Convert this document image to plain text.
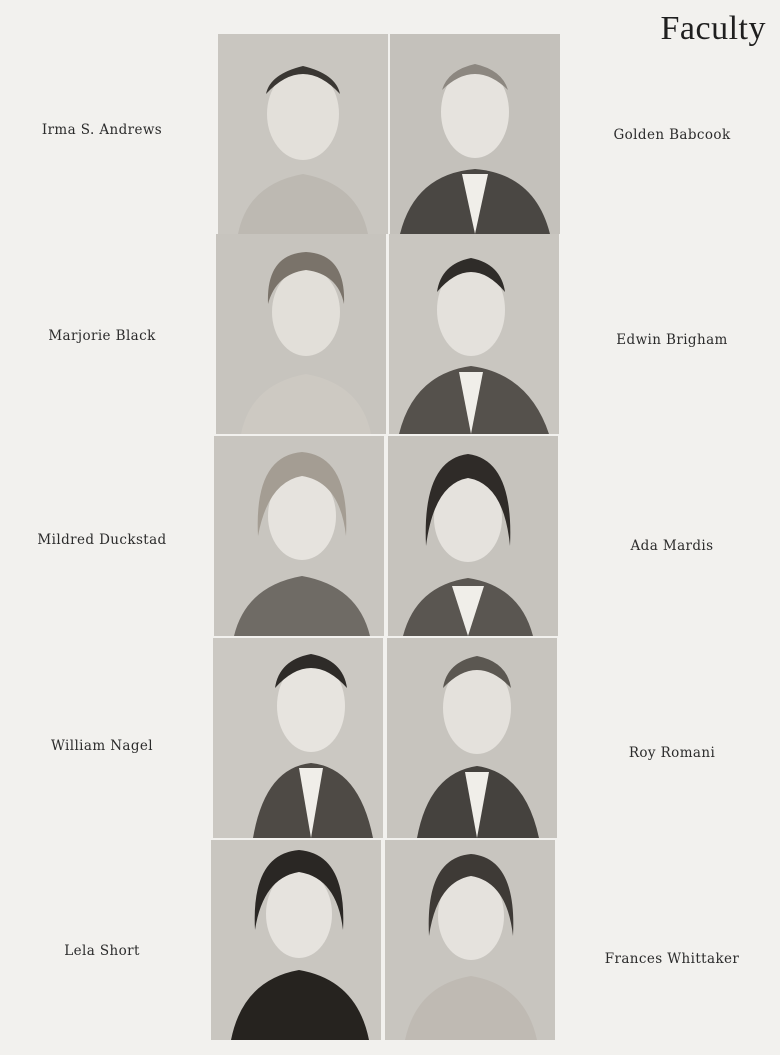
Faculty
Irma S. Andrews	Golden Babcook
Marjorie Black	Edwin Brigham
Mildred Duckstad	Ada Mardis
William Nagel	Roy Romani
Lela Short	Frances Whittaker
